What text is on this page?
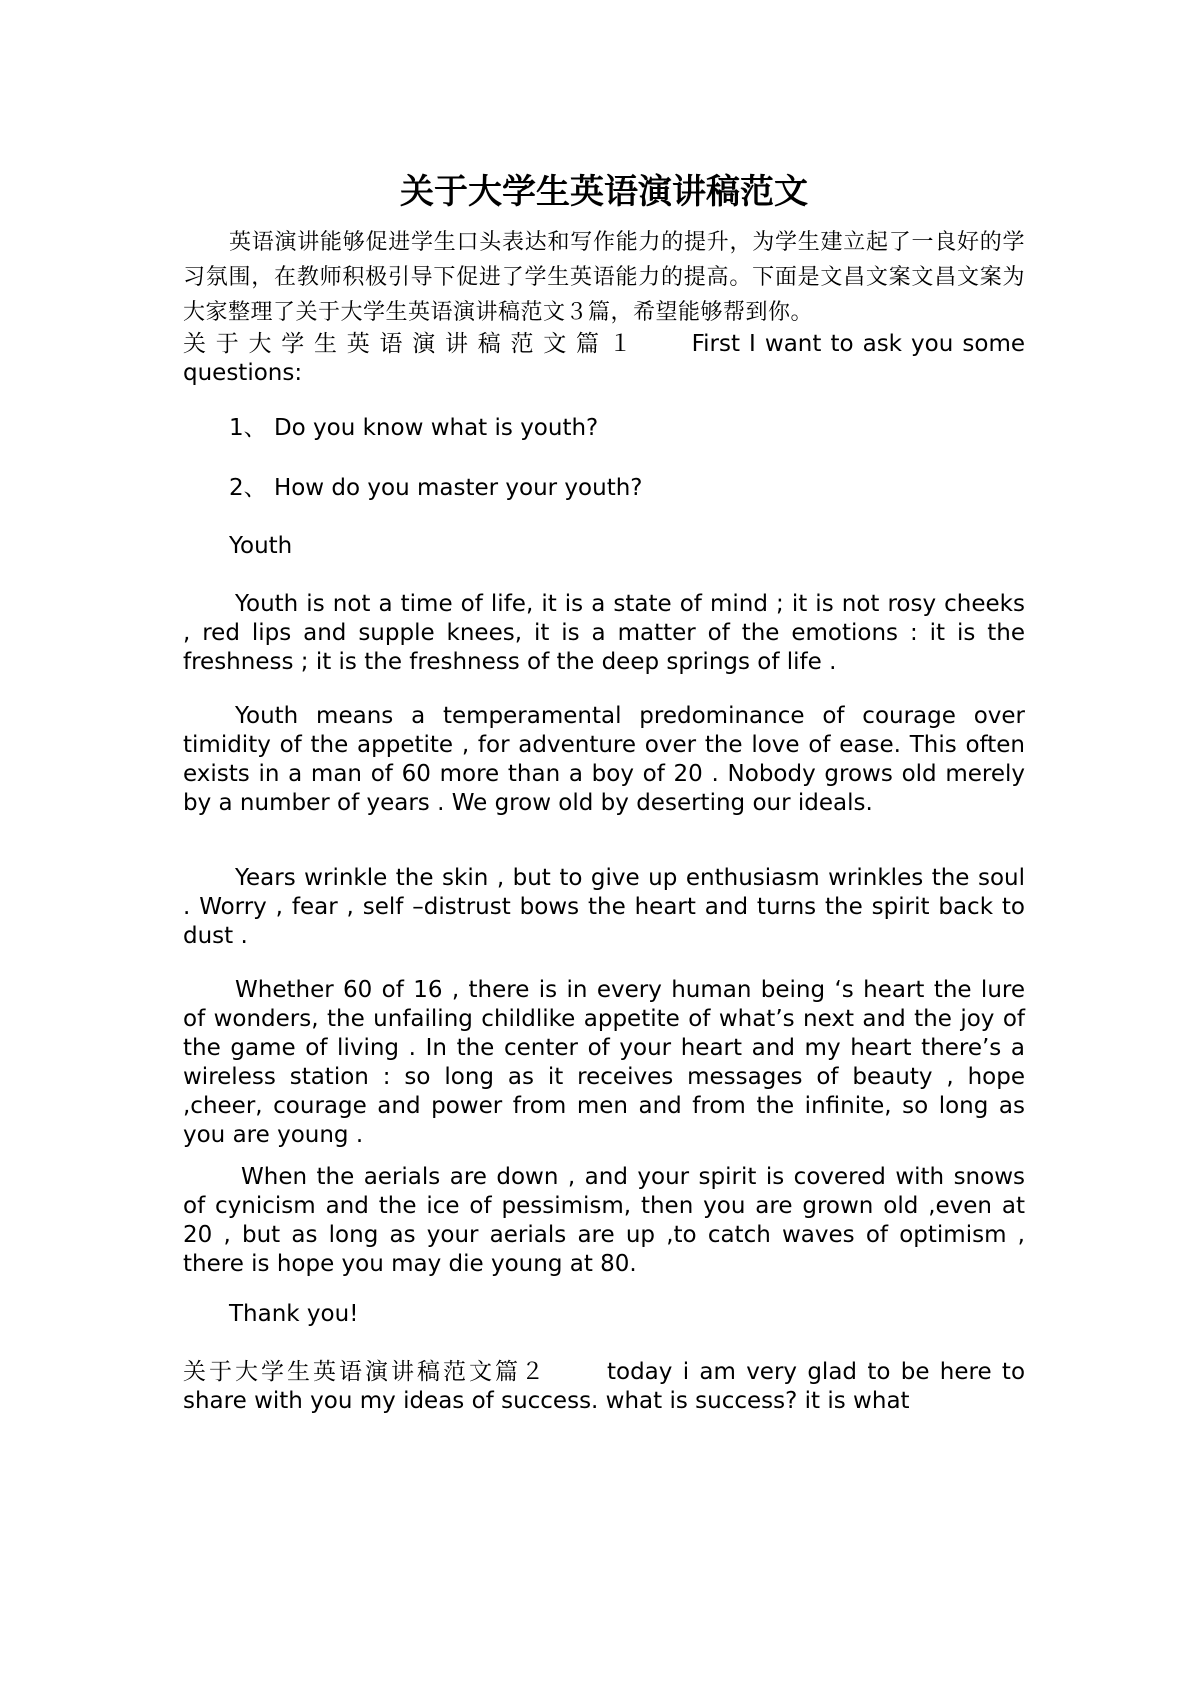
关于大学生英语演讲稿范文

英语演讲能够促进学生口头表达和写作能力的提升，为学生建立起了一良好的学习氛围，在教师积极引导下促进了学生英语能力的提高。下面是文昌文案文昌文案为大家整理了关于大学生英语演讲稿范文３篇，希望能够帮到你。

关于大学生英语演讲稿范文篇１ First I want to ask you some questions:

1、 Do you know what is youth?

2、 How do you master your youth?

Youth

Youth is not a time of life, it is a state of mind ; it is not rosy cheeks , red lips and supple knees, it is a matter of the emotions : it is the freshness ; it is the freshness of the deep springs of life .

Youth means a temperamental predominance of courage over timidity of the appetite , for adventure over the love of ease. This often exists in a man of 60 more than a boy of 20 . Nobody grows old merely by a number of years . We grow old by deserting our ideals.

Years wrinkle the skin , but to give up enthusiasm wrinkles the soul . Worry , fear , self –distrust bows the heart and turns the spirit back to dust .

Whether 60 of 16 , there is in every human being ‘s heart the lure of wonders, the unfailing childlike appetite of what’s next and the joy of the game of living . In the center of your heart and my heart there’s a wireless station : so long as it receives messages of beauty , hope ,cheer, courage and power from men and from the infinite, so long as you are young .

When the aerials are down , and your spirit is covered with snows of cynicism and the ice of pessimism, then you are grown old ,even at 20 , but as long as your aerials are up ,to catch waves of optimism , there is hope you may die young at 80.

Thank you!

关于大学生英语演讲稿范文篇２	today i am very glad to be here to share with you my ideas of success. what is success? it is what
